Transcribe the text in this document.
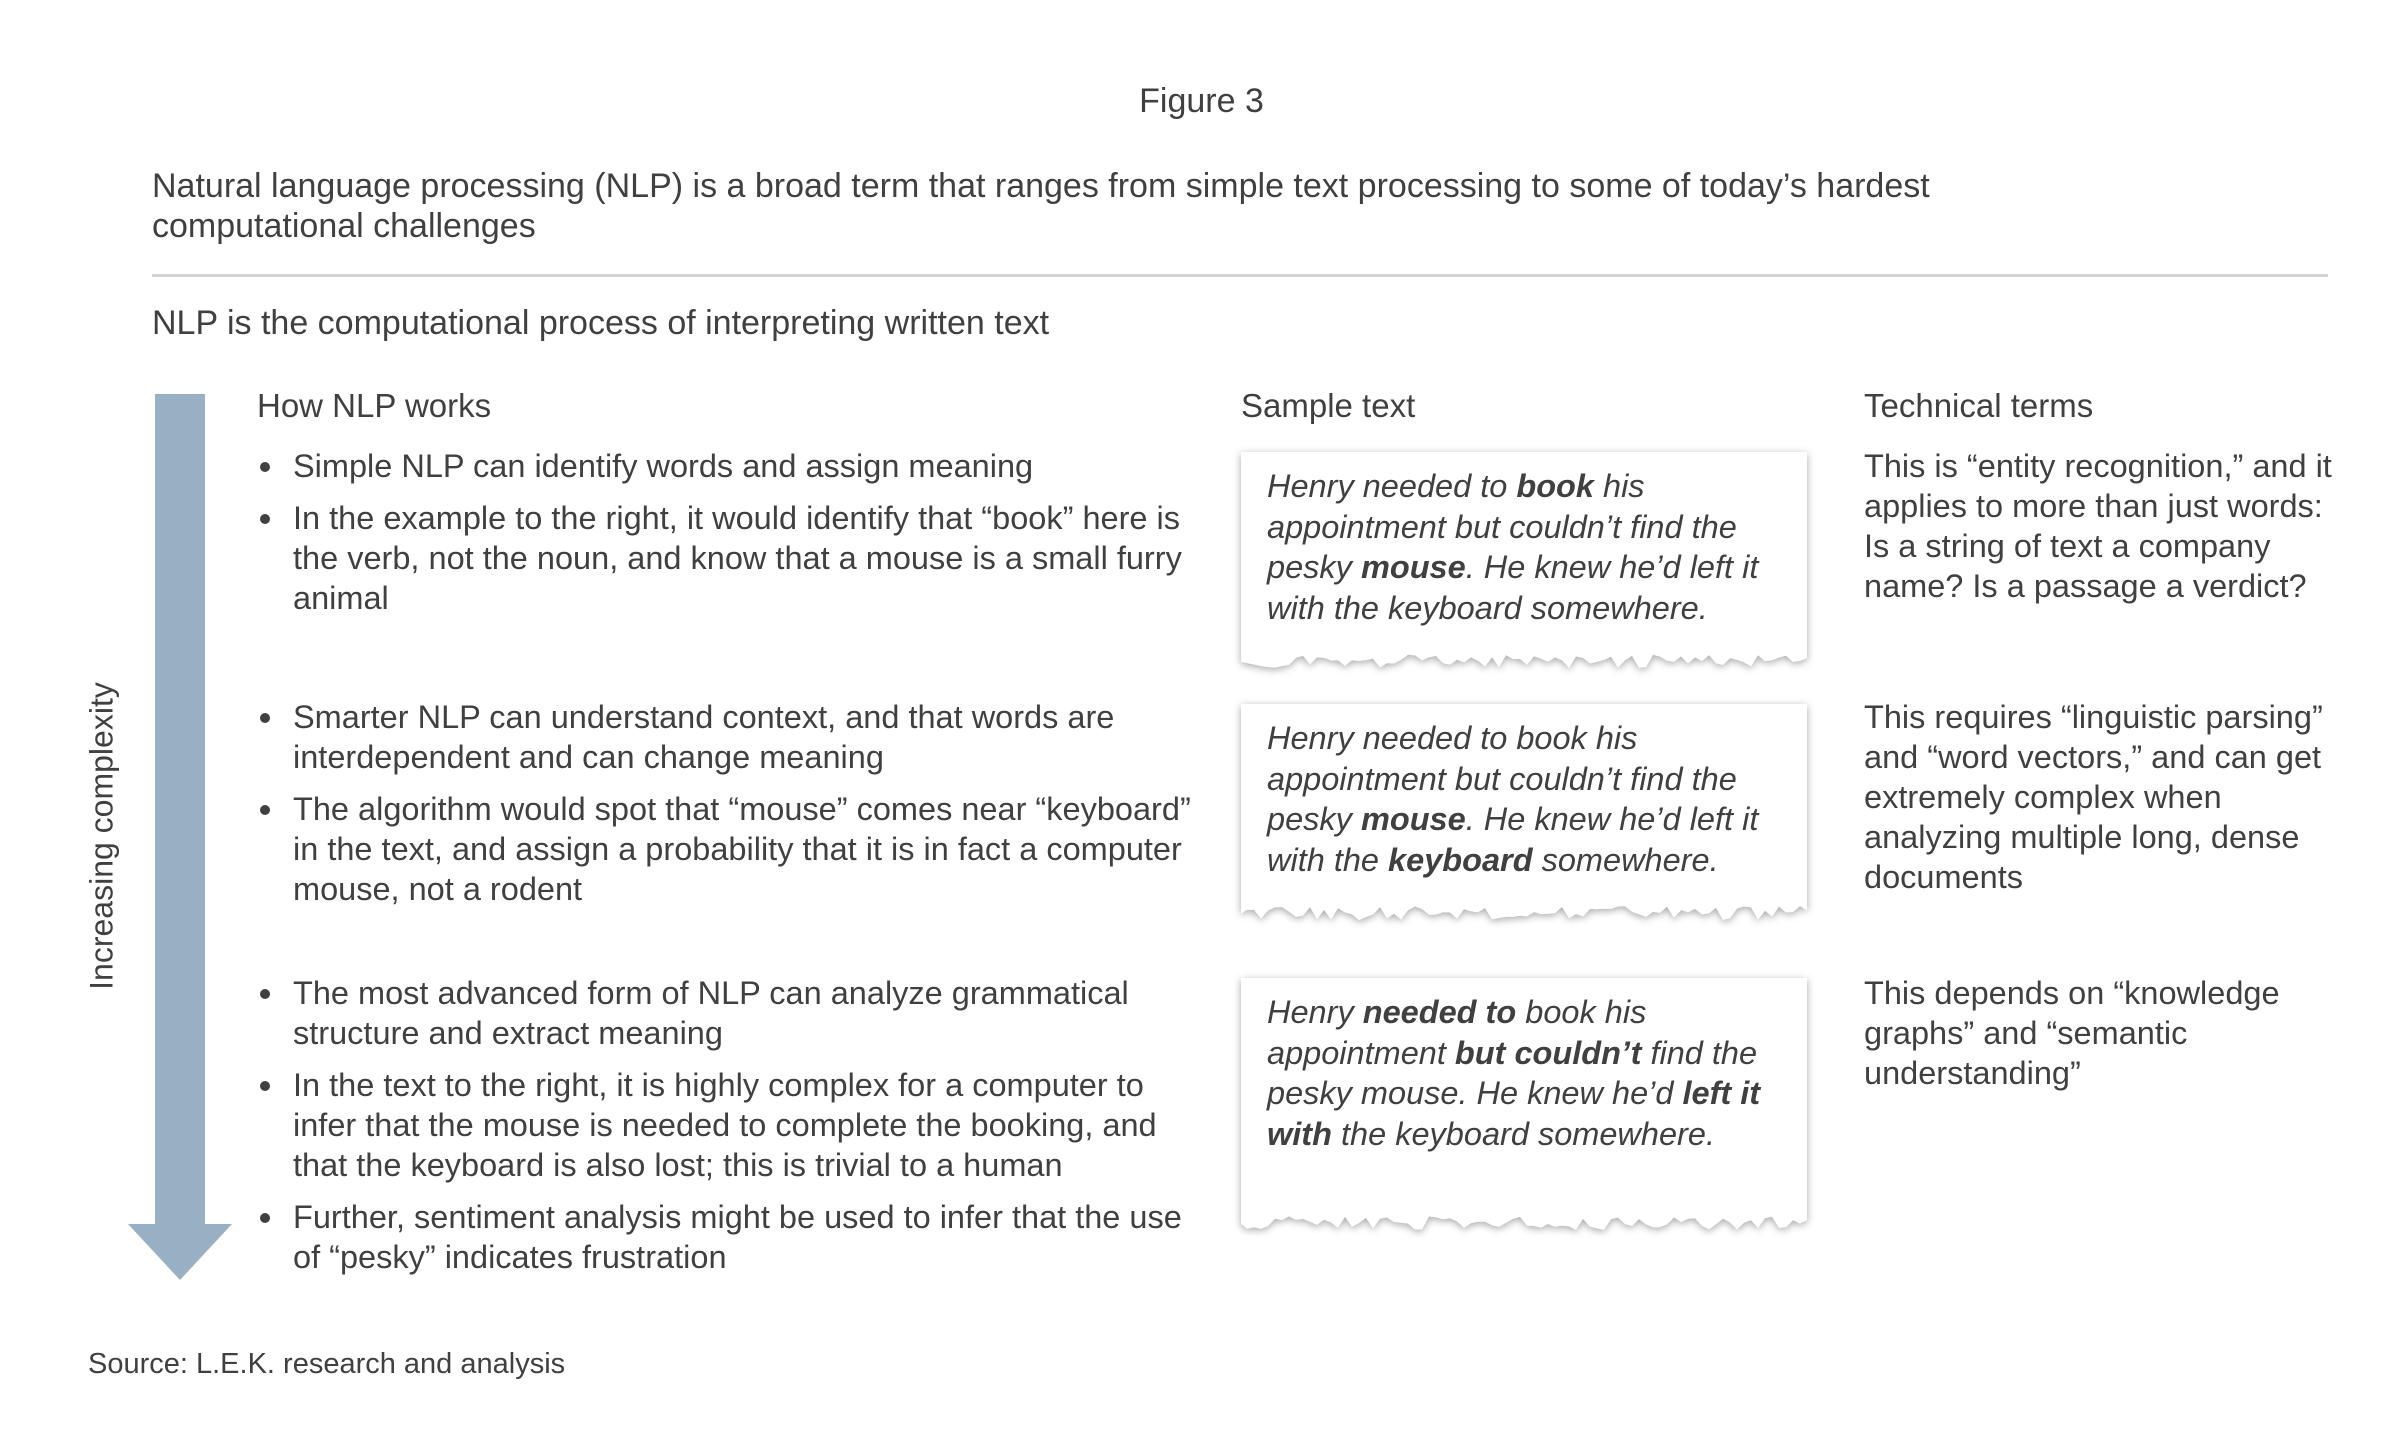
Figure 3
Natural language processing (NLP) is a broad term that ranges from simple text processing to some of today’s hardest computational challenges
NLP is the computational process of interpreting written text
Increasing complexity
How NLP works	Sample text	Technical terms
Simple NLP can identify words and assign meaning
In the example to the right, it would identify that “book” here is the verb, not the noun, and know that a mouse is a small furry animal
Smarter NLP can understand context, and that words are interdependent and can change meaning
The algorithm would spot that “mouse” comes near “keyboard” in the text, and assign a probability that it is in fact a computer mouse, not a rodent
The most advanced form of NLP can analyze grammatical structure and extract meaning
In the text to the right, it is highly complex for a computer to infer that the mouse is needed to complete the booking, and that the keyboard is also lost; this is trivial to a human
Further, sentiment analysis might be used to infer that the use of “pesky” indicates frustration
Henry needed to book his appointment but couldn’t find the pesky mouse. He knew he’d left it with the keyboard somewhere.
Henry needed to book his appointment but couldn’t find the pesky mouse. He knew he’d left it with the keyboard somewhere.
Henry needed to book his appointment but couldn’t find the pesky mouse. He knew he’d left it with the keyboard somewhere.
This is “entity recognition,” and it applies to more than just words: Is a string of text a company name? Is a passage a verdict?
This requires “linguistic parsing” and “word vectors,” and can get extremely complex when analyzing multiple long, dense documents
This depends on “knowledge graphs” and “semantic understanding”
Source: L.E.K. research and analysis
